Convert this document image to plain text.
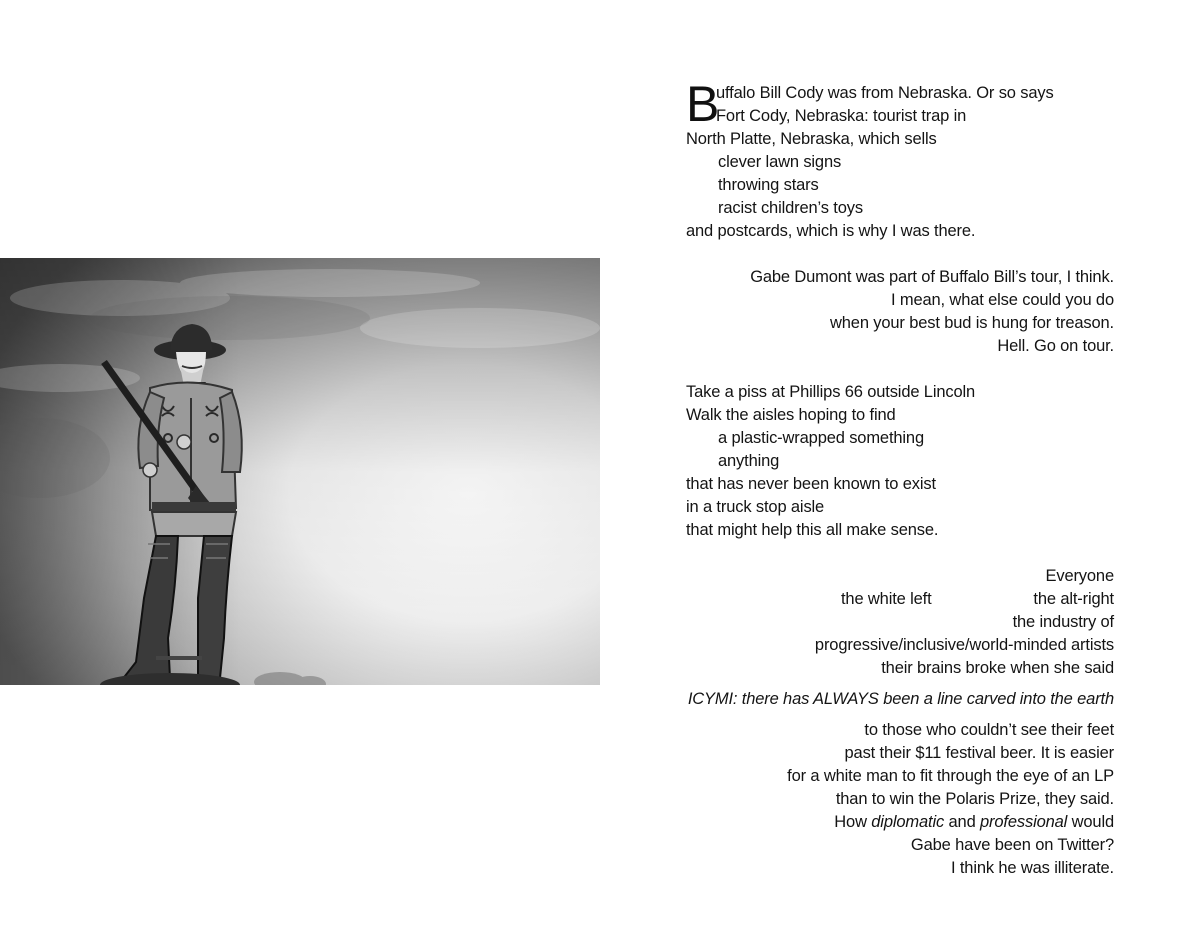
B
uffalo Bill Cody was from Nebraska. Or so says
Fort Cody, Nebraska: tourist trap in
North Platte, Nebraska, which sells
clever lawn signs
throwing stars
racist children’s toys
and postcards, which is why I was there.
Gabe Dumont was part of Buffalo Bill’s tour, I think.
I mean, what else could you do
when your best bud is hung for treason.
Hell. Go on tour.
Take a piss at Phillips 66 outside Lincoln
Walk the aisles hoping to find
a plastic-wrapped something
anything
that has never been known to exist
in a truck stop aisle
that might help this all make sense.
Everyone
the white left	the alt-right
the industry of
progressive/inclusive/world-minded artists
their brains broke when she said
ICYMI: there has ALWAYS been a line carved into the earth
to those who couldn’t see their feet
past their $11 festival beer. It is easier
for a white man to fit through the eye of an LP
than to win the Polaris Prize, they said.
How diplomatic and professional would
Gabe have been on Twitter?
I think he was illiterate.
